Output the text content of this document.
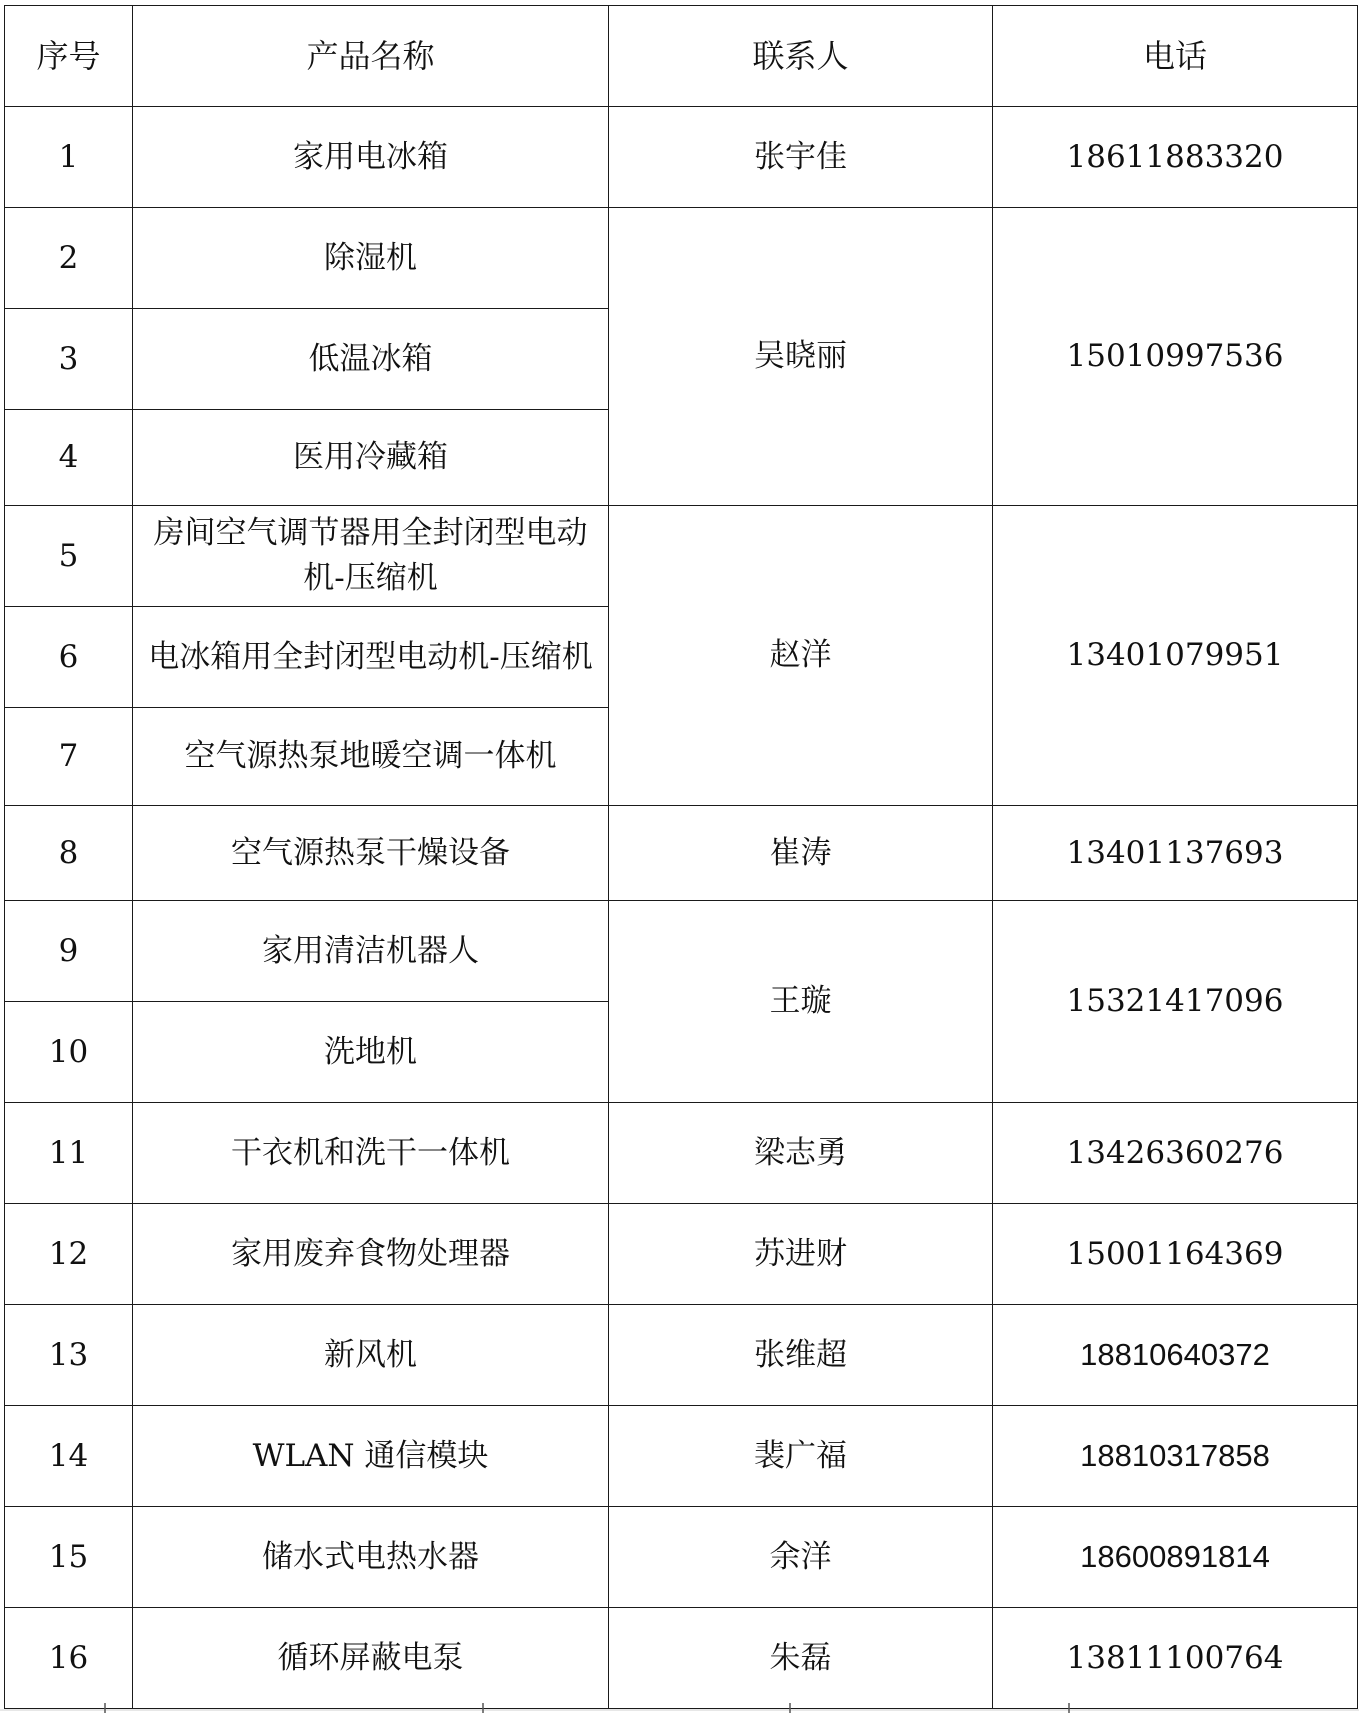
序号	产品名称	联系人	电话
1	家用电冰箱	张宇佳	18611883320
2	除湿机	吴晓丽	15010997536
3	低温冰箱		
4	医用冷藏箱		
5	房间空气调节器用全封闭型电动机-压缩机	赵洋	13401079951
6	电冰箱用全封闭型电动机-压缩机		
7	空气源热泵地暖空调一体机		
8	空气源热泵干燥设备	崔涛	13401137693
9	家用清洁机器人	王璇	15321417096
10	洗地机		
11	干衣机和洗干一体机	梁志勇	13426360276
12	家用废弃食物处理器	苏进财	15001164369
13	新风机	张维超	18810640372
14	WLAN 通信模块	裴广福	18810317858
15	储水式电热水器	余洋	18600891814
16	循环屏蔽电泵	朱磊	13811100764
